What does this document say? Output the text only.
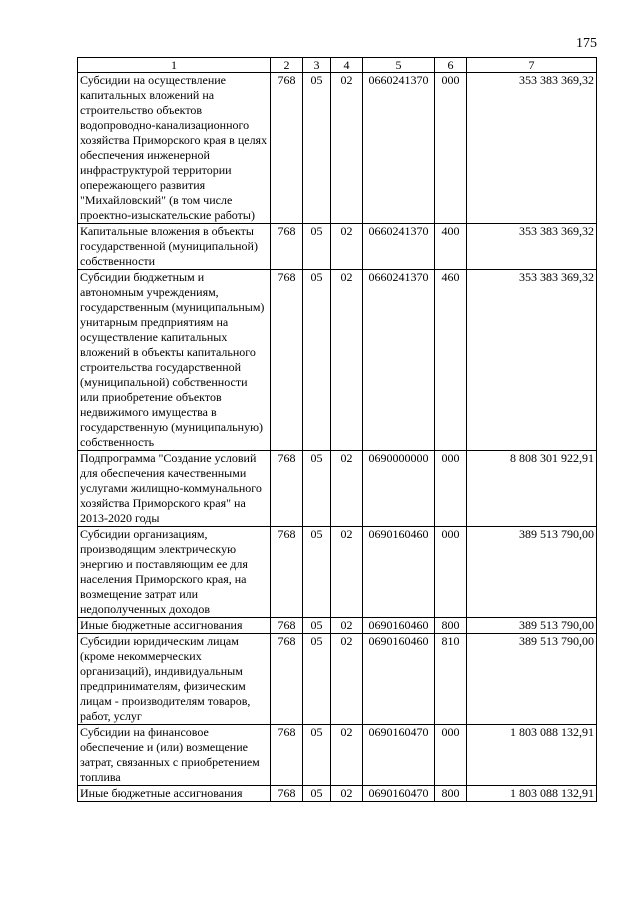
175
1	2	3	4	5	6	7
Субсидии на осуществление капитальных вложений на строительство объектов водопроводно-канализационного хозяйства Приморского края в целях обеспечения инженерной инфраструктурой территории опережающего развития "Михайловский" (в том числе проектно-изыскательские работы)	768	05	02	0660241370	000	353 383 369,32
Капитальные вложения в объекты государственной (муниципальной) собственности	768	05	02	0660241370	400	353 383 369,32
Субсидии бюджетным и автономным учреждениям, государственным (муниципальным) унитарным предприятиям на осуществление капитальных вложений в объекты капитального строительства государственной (муниципальной) собственности или приобретение объектов недвижимого имущества в государственную (муниципальную) собственность	768	05	02	0660241370	460	353 383 369,32
Подпрограмма "Создание условий для обеспечения качественными услугами жилищно-коммунального хозяйства Приморского края" на 2013-2020 годы	768	05	02	0690000000	000	8 808 301 922,91
Субсидии организациям, производящим электрическую энергию и поставляющим ее для населения Приморского края, на возмещение затрат или недополученных доходов	768	05	02	0690160460	000	389 513 790,00
Иные бюджетные ассигнования	768	05	02	0690160460	800	389 513 790,00
Субсидии юридическим лицам (кроме некоммерческих организаций), индивидуальным предпринимателям, физическим лицам - производителям товаров, работ, услуг	768	05	02	0690160460	810	389 513 790,00
Субсидии на финансовое обеспечение и (или) возмещение затрат, связанных с приобретением топлива	768	05	02	0690160470	000	1 803 088 132,91
Иные бюджетные ассигнования	768	05	02	0690160470	800	1 803 088 132,91
